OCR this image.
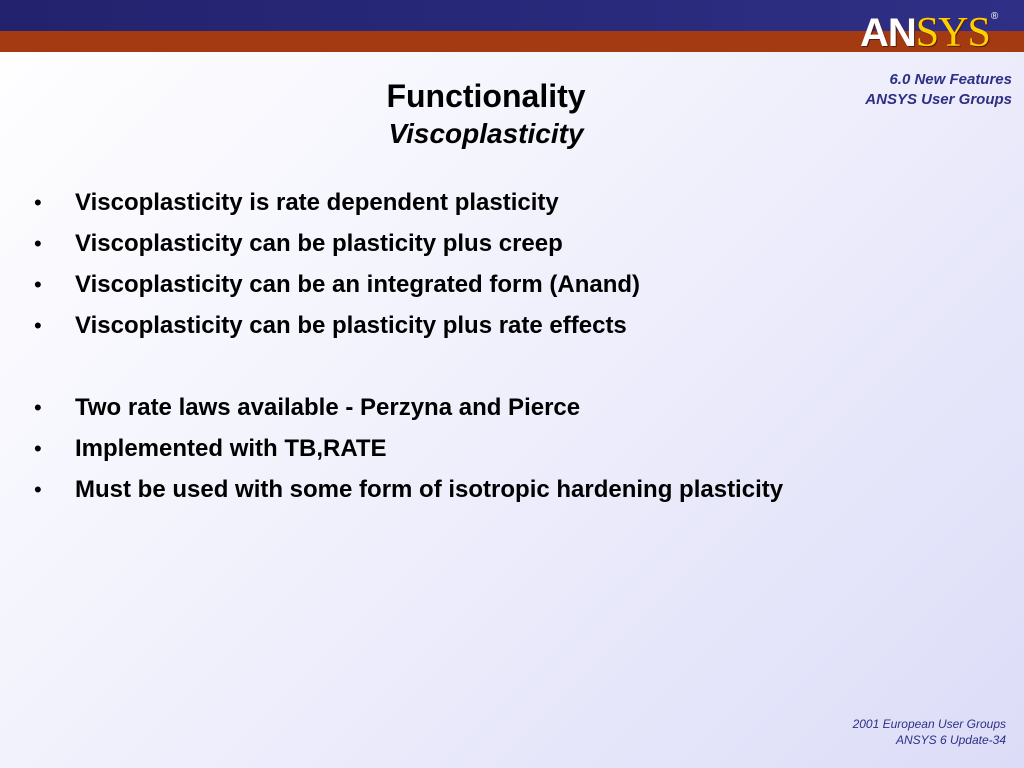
AN SYS ®
6.0 New Features
ANSYS User Groups
Functionality
Viscoplasticity
• Viscoplasticity is rate dependent plasticity
• Viscoplasticity can be plasticity plus creep
• Viscoplasticity can be an integrated form (Anand)
• Viscoplasticity can be plasticity plus rate effects
• Two rate laws available - Perzyna and Pierce
• Implemented with TB,RATE
• Must be used with some form of isotropic hardening plasticity
2001 European User Groups
ANSYS 6 Update-34
